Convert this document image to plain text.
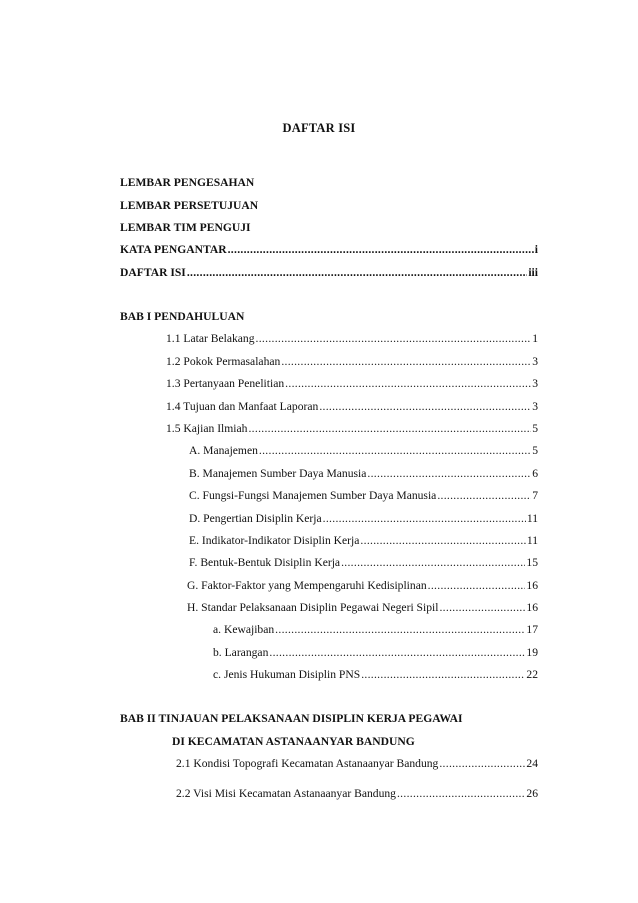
DAFTAR ISI
LEMBAR PENGESAHAN
LEMBAR PERSETUJUAN
LEMBAR TIM PENGUJI
KATA PENGANTAR .....	i
DAFTAR ISI .....	iii
BAB I PENDAHULUAN
1.1 Latar Belakang .....	1
1.2 Pokok Permasalahan .....	3
1.3 Pertanyaan Penelitian .....	3
1.4 Tujuan dan Manfaat Laporan .....	3
1.5 Kajian Ilmiah .....	5
A. Manajemen .....	5
B. Manajemen Sumber Daya Manusia .....	6
C. Fungsi-Fungsi Manajemen Sumber Daya Manusia .....	7
D. Pengertian Disiplin Kerja .....	11
E. Indikator-Indikator Disiplin Kerja .....	11
F. Bentuk-Bentuk Disiplin Kerja .....	15
G. Faktor-Faktor yang Mempengaruhi Kedisiplinan .....	16
H. Standar Pelaksanaan Disiplin Pegawai Negeri Sipil .....	16
a. Kewajiban .....	17
b. Larangan .....	19
c. Jenis Hukuman Disiplin PNS .....	22
BAB II TINJAUAN PELAKSANAAN DISIPLIN KERJA PEGAWAI
DI KECAMATAN ASTANAANYAR BANDUNG
2.1 Kondisi Topografi Kecamatan Astanaanyar Bandung .....	24
2.2 Visi Misi Kecamatan Astanaanyar Bandung .....	26
